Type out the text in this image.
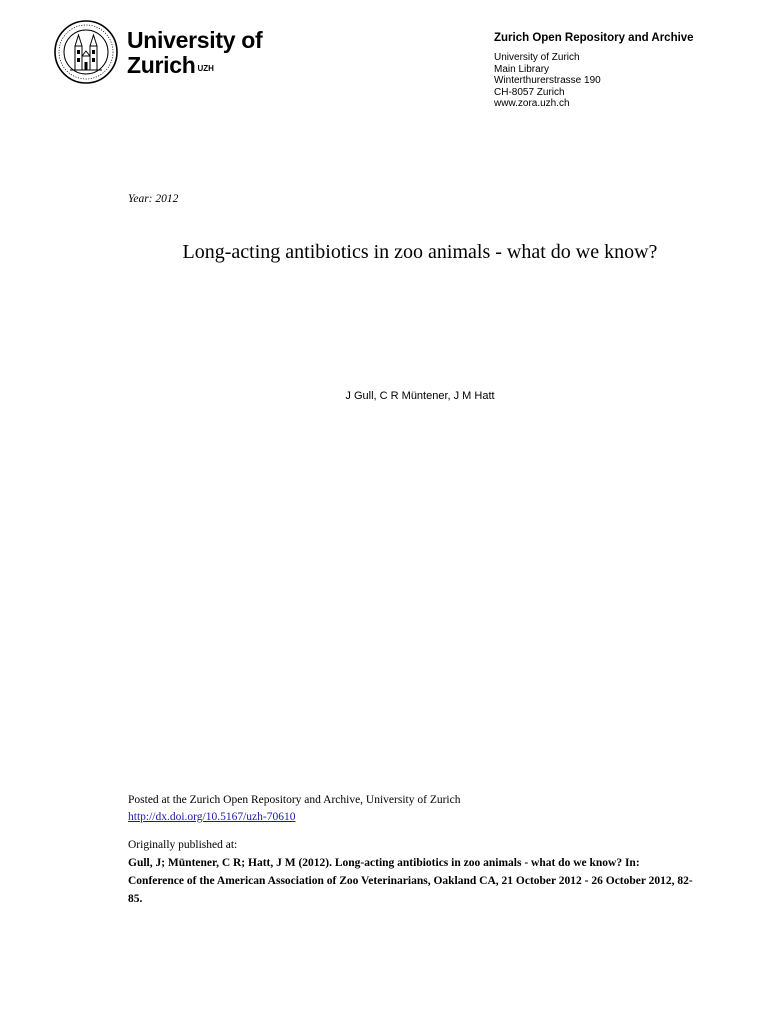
University of
Zurich $^{UZH}$
Zurich Open Repository and Archive
University of Zurich
Main Library
Winterthurerstrasse 190
CH-8057 Zurich
www.zora.uzh.ch
Year: 2012
Long-acting antibiotics in zoo animals - what do we know?
J Gull, C R Müntener, J M Hatt
Posted at the Zurich Open Repository and Archive, University of Zurich
http://dx.doi.org/10.5167/uzh-70610
Originally published at:
Gull, J; Müntener, C R; Hatt, J M (2012). Long-acting antibiotics in zoo animals - what do we know? In: Conference of the American Association of Zoo Veterinarians, Oakland CA, 21 October 2012 - 26 October 2012, 82-85.
